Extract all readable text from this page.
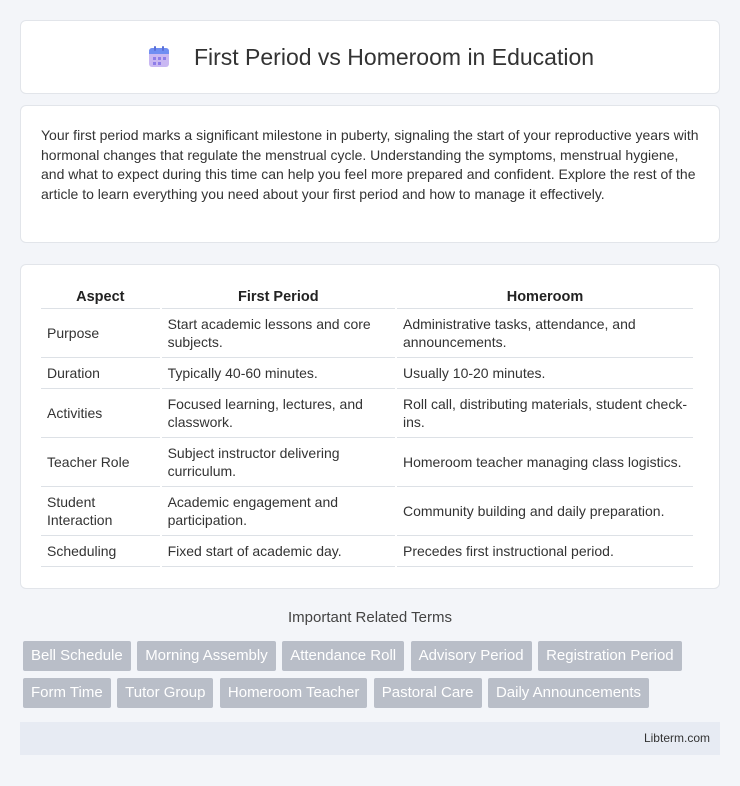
First Period vs Homeroom in Education

Your first period marks a significant milestone in puberty, signaling the start of your reproductive years with hormonal changes that regulate the menstrual cycle. Understanding the symptoms, menstrual hygiene, and what to expect during this time can help you feel more prepared and confident. Explore the rest of the article to learn everything you need about your first period and how to manage it effectively.

Aspect	First Period	Homeroom
Purpose	Start academic lessons and core subjects.	Administrative tasks, attendance, and announcements.
Duration	Typically 40-60 minutes.	Usually 10-20 minutes.
Activities	Focused learning, lectures, and classwork.	Roll call, distributing materials, student check-ins.
Teacher Role	Subject instructor delivering curriculum.	Homeroom teacher managing class logistics.
Student Interaction	Academic engagement and participation.	Community building and daily preparation.
Scheduling	Fixed start of academic day.	Precedes first instructional period.
Important Related Terms
Bell Schedule Morning Assembly Attendance Roll Advisory Period Registration Period Form Time Tutor Group Homeroom Teacher Pastoral Care Daily Announcements
Libterm.com
